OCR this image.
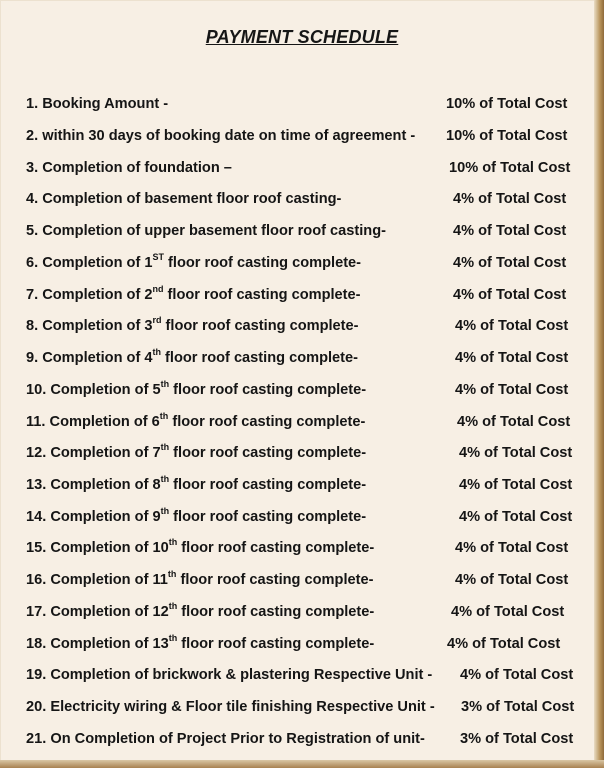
PAYMENT SCHEDULE
1. Booking Amount -	10% of Total Cost
2. within 30 days of booking date on time of agreement - 10% of Total Cost
3. Completion of foundation –	10% of Total Cost
4. Completion of basement floor roof casting-	4% of Total Cost
5. Completion of upper basement floor roof casting-	4% of Total Cost
6. Completion of 1ST floor roof casting complete-	4% of Total Cost
7. Completion of 2nd floor roof casting complete-	4% of Total Cost
8. Completion of 3rd floor roof casting complete-	4% of Total Cost
9. Completion of 4th floor roof casting complete-	4% of Total Cost
10. Completion of 5th floor roof casting complete-	4% of Total Cost
11. Completion of 6th floor roof casting complete-	4% of Total Cost
12. Completion of 7th floor roof casting complete-	4% of Total Cost
13. Completion of 8th floor roof casting complete-	4% of Total Cost
14. Completion of 9th floor roof casting complete-	4% of Total Cost
15. Completion of 10th floor roof casting complete-	4% of Total Cost
16. Completion of 11th floor roof casting complete-	4% of Total Cost
17. Completion of 12th floor roof casting complete-	4% of Total Cost
18. Completion of 13th floor roof casting complete-	4% of Total Cost
19. Completion of brickwork & plastering Respective Unit - 4% of Total Cost
20. Electricity wiring & Floor tile finishing Respective Unit - 3% of Total Cost
21. On Completion of Project Prior to Registration of unit- 3% of Total Cost
